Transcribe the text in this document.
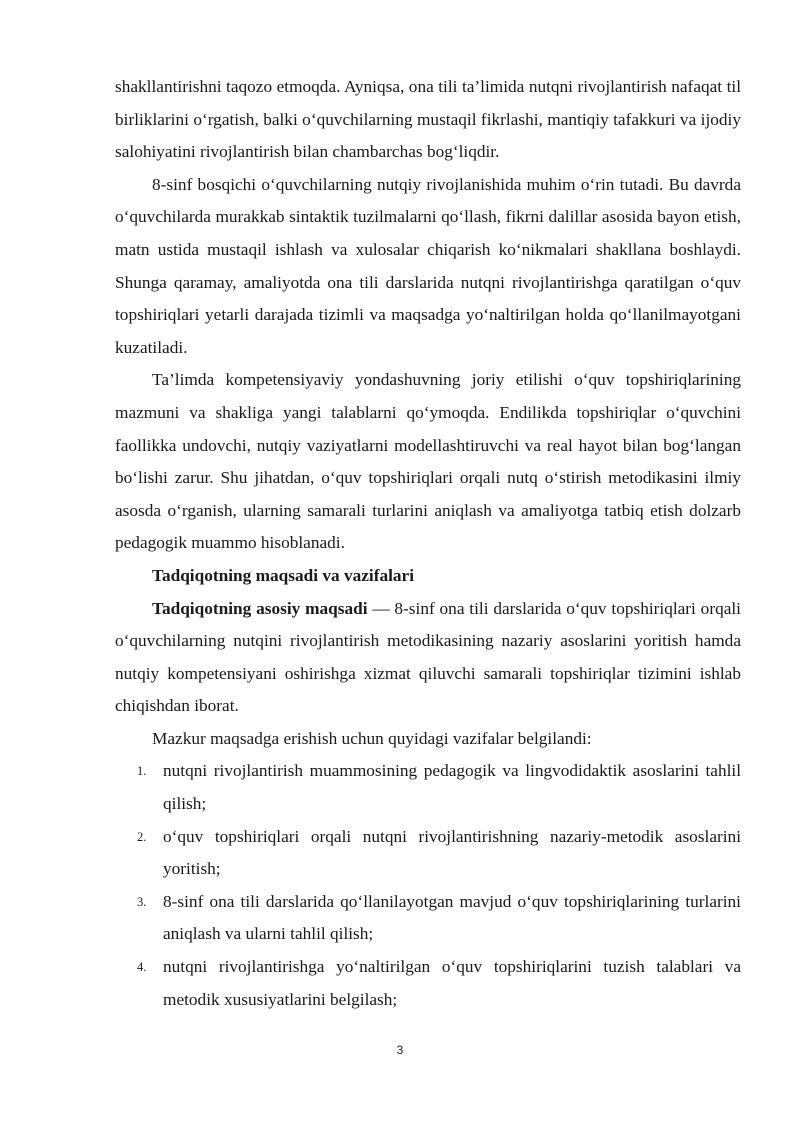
shakllantirishni taqozo etmoqda. Ayniqsa, ona tili ta’limida nutqni rivojlantirish nafaqat til birliklarini o‘rgatish, balki o‘quvchilarning mustaqil fikrlashi, mantiqiy tafakkuri va ijodiy salohiyatini rivojlantirish bilan chambarchas bog‘liqdir.

8-sinf bosqichi o‘quvchilarning nutqiy rivojlanishida muhim o‘rin tutadi. Bu davrda o‘quvchilarda murakkab sintaktik tuzilmalarni qo‘llash, fikrni dalillar asosida bayon etish, matn ustida mustaqil ishlash va xulosalar chiqarish ko‘nikmalari shakllana boshlaydi. Shunga qaramay, amaliyotda ona tili darslarida nutqni rivojlantirishga qaratilgan o‘quv topshiriqlari yetarli darajada tizimli va maqsadga yo‘naltirilgan holda qo‘llanilmayotgani kuzatiladi.

Ta’limda kompetensiyaviy yondashuvning joriy etilishi o‘quv topshiriqlarining mazmuni va shakliga yangi talablarni qo‘ymoqda. Endilikda topshiriqlar o‘quvchini faollikka undovchi, nutqiy vaziyatlarni modellashtiruvchi va real hayot bilan bog‘langan bo‘lishi zarur. Shu jihatdan, o‘quv topshiriqlari orqali nutq o‘stirish metodikasini ilmiy asosda o‘rganish, ularning samarali turlarini aniqlash va amaliyotga tatbiq etish dolzarb pedagogik muammo hisoblanadi.

Tadqiqotning maqsadi va vazifalari

Tadqiqotning asosiy maqsadi — 8-sinf ona tili darslarida o‘quv topshiriqlari orqali o‘quvchilarning nutqini rivojlantirish metodikasining nazariy asoslarini yoritish hamda nutqiy kompetensiyani oshirishga xizmat qiluvchi samarali topshiriqlar tizimini ishlab chiqishdan iborat.

Mazkur maqsadga erishish uchun quyidagi vazifalar belgilandi:

1. nutqni rivojlantirish muammosining pedagogik va lingvodidaktik asoslarini tahlil qilish;
2. o‘quv topshiriqlari orqali nutqni rivojlantirishning nazariy-metodik asoslarini yoritish;
3. 8-sinf ona tili darslarida qo‘llanilayotgan mavjud o‘quv topshiriqlarining turlarini aniqlash va ularni tahlil qilish;
4. nutqni rivojlantirishga yo‘naltirilgan o‘quv topshiriqlarini tuzish talablari va metodik xususiyatlarini belgilash;
3
